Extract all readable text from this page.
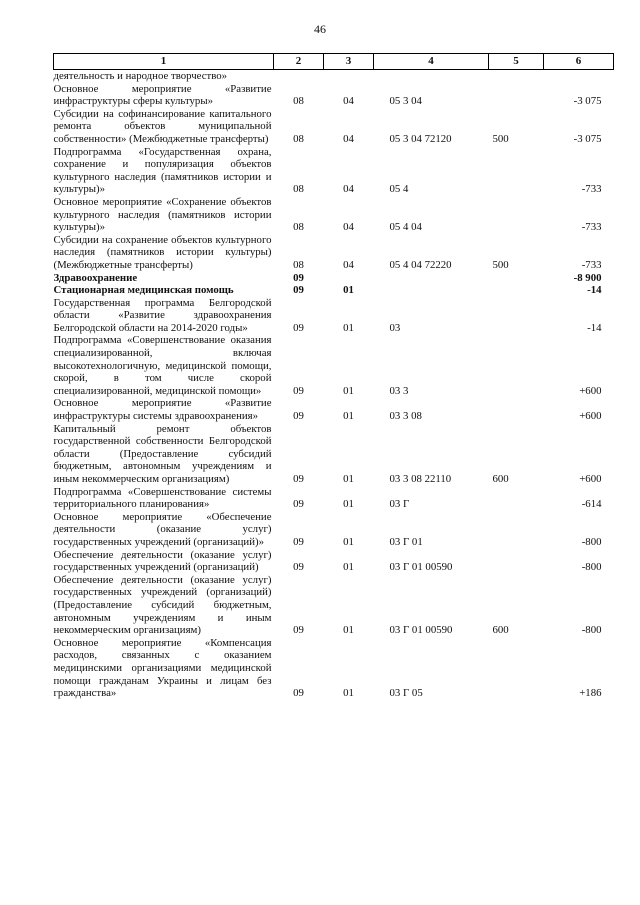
46
1	2	3	4	5	6
деятельность и народное творчество»					
Основное мероприятие «Развитие инфраструктуры сферы культуры»	08	04	05 3 04		-3 075
Субсидии на софинансирование капитального ремонта объектов муниципальной собственности» (Межбюджетные трансферты)	08	04	05 3 04 72120	500	-3 075
Подпрограмма «Государственная охрана, сохранение и популяризация объектов культурного наследия (памятников истории и культуры)»	08	04	05 4		-733
Основное мероприятие «Сохранение объектов культурного наследия (памятников истории культуры)»	08	04	05 4 04		-733
Субсидии на сохранение объектов культурного наследия (памятников истории культуры) (Межбюджетные трансферты)	08	04	05 4 04 72220	500	-733
Здравоохранение	09				-8 900
Стационарная медицинская помощь	09	01			-14
Государственная программа Белгородской области «Развитие здравоохранения Белгородской области на 2014-2020 годы»	09	01	03		-14
Подпрограмма «Совершенствование оказания специализированной, включая высокотехнологичную, медицинской помощи, скорой, в том числе скорой специализированной, медицинской помощи»	09	01	03 3		+600
Основное мероприятие «Развитие инфраструктуры системы здравоохранения»	09	01	03 3 08		+600
Капитальный ремонт объектов государственной собственности Белгородской области (Предоставление субсидий бюджетным, автономным учреждениям и иным некоммерческим организациям)	09	01	03 3 08 22110	600	+600
Подпрограмма «Совершенствование системы территориального планирования»	09	01	03 Г		-614
Основное мероприятие «Обеспечение деятельности (оказание услуг) государственных учреждений (организаций)»	09	01	03 Г 01		-800
Обеспечение деятельности (оказание услуг) государственных учреждений (организаций)	09	01	03 Г 01 00590		-800
Обеспечение деятельности (оказание услуг) государственных учреждений (организаций) (Предоставление субсидий бюджетным, автономным учреждениям и иным некоммерческим организациям)	09	01	03 Г 01 00590	600	-800
Основное мероприятие «Компенсация расходов, связанных с оказанием медицинскими организациями медицинской помощи гражданам Украины и лицам без гражданства»	09	01	03 Г 05		+186
